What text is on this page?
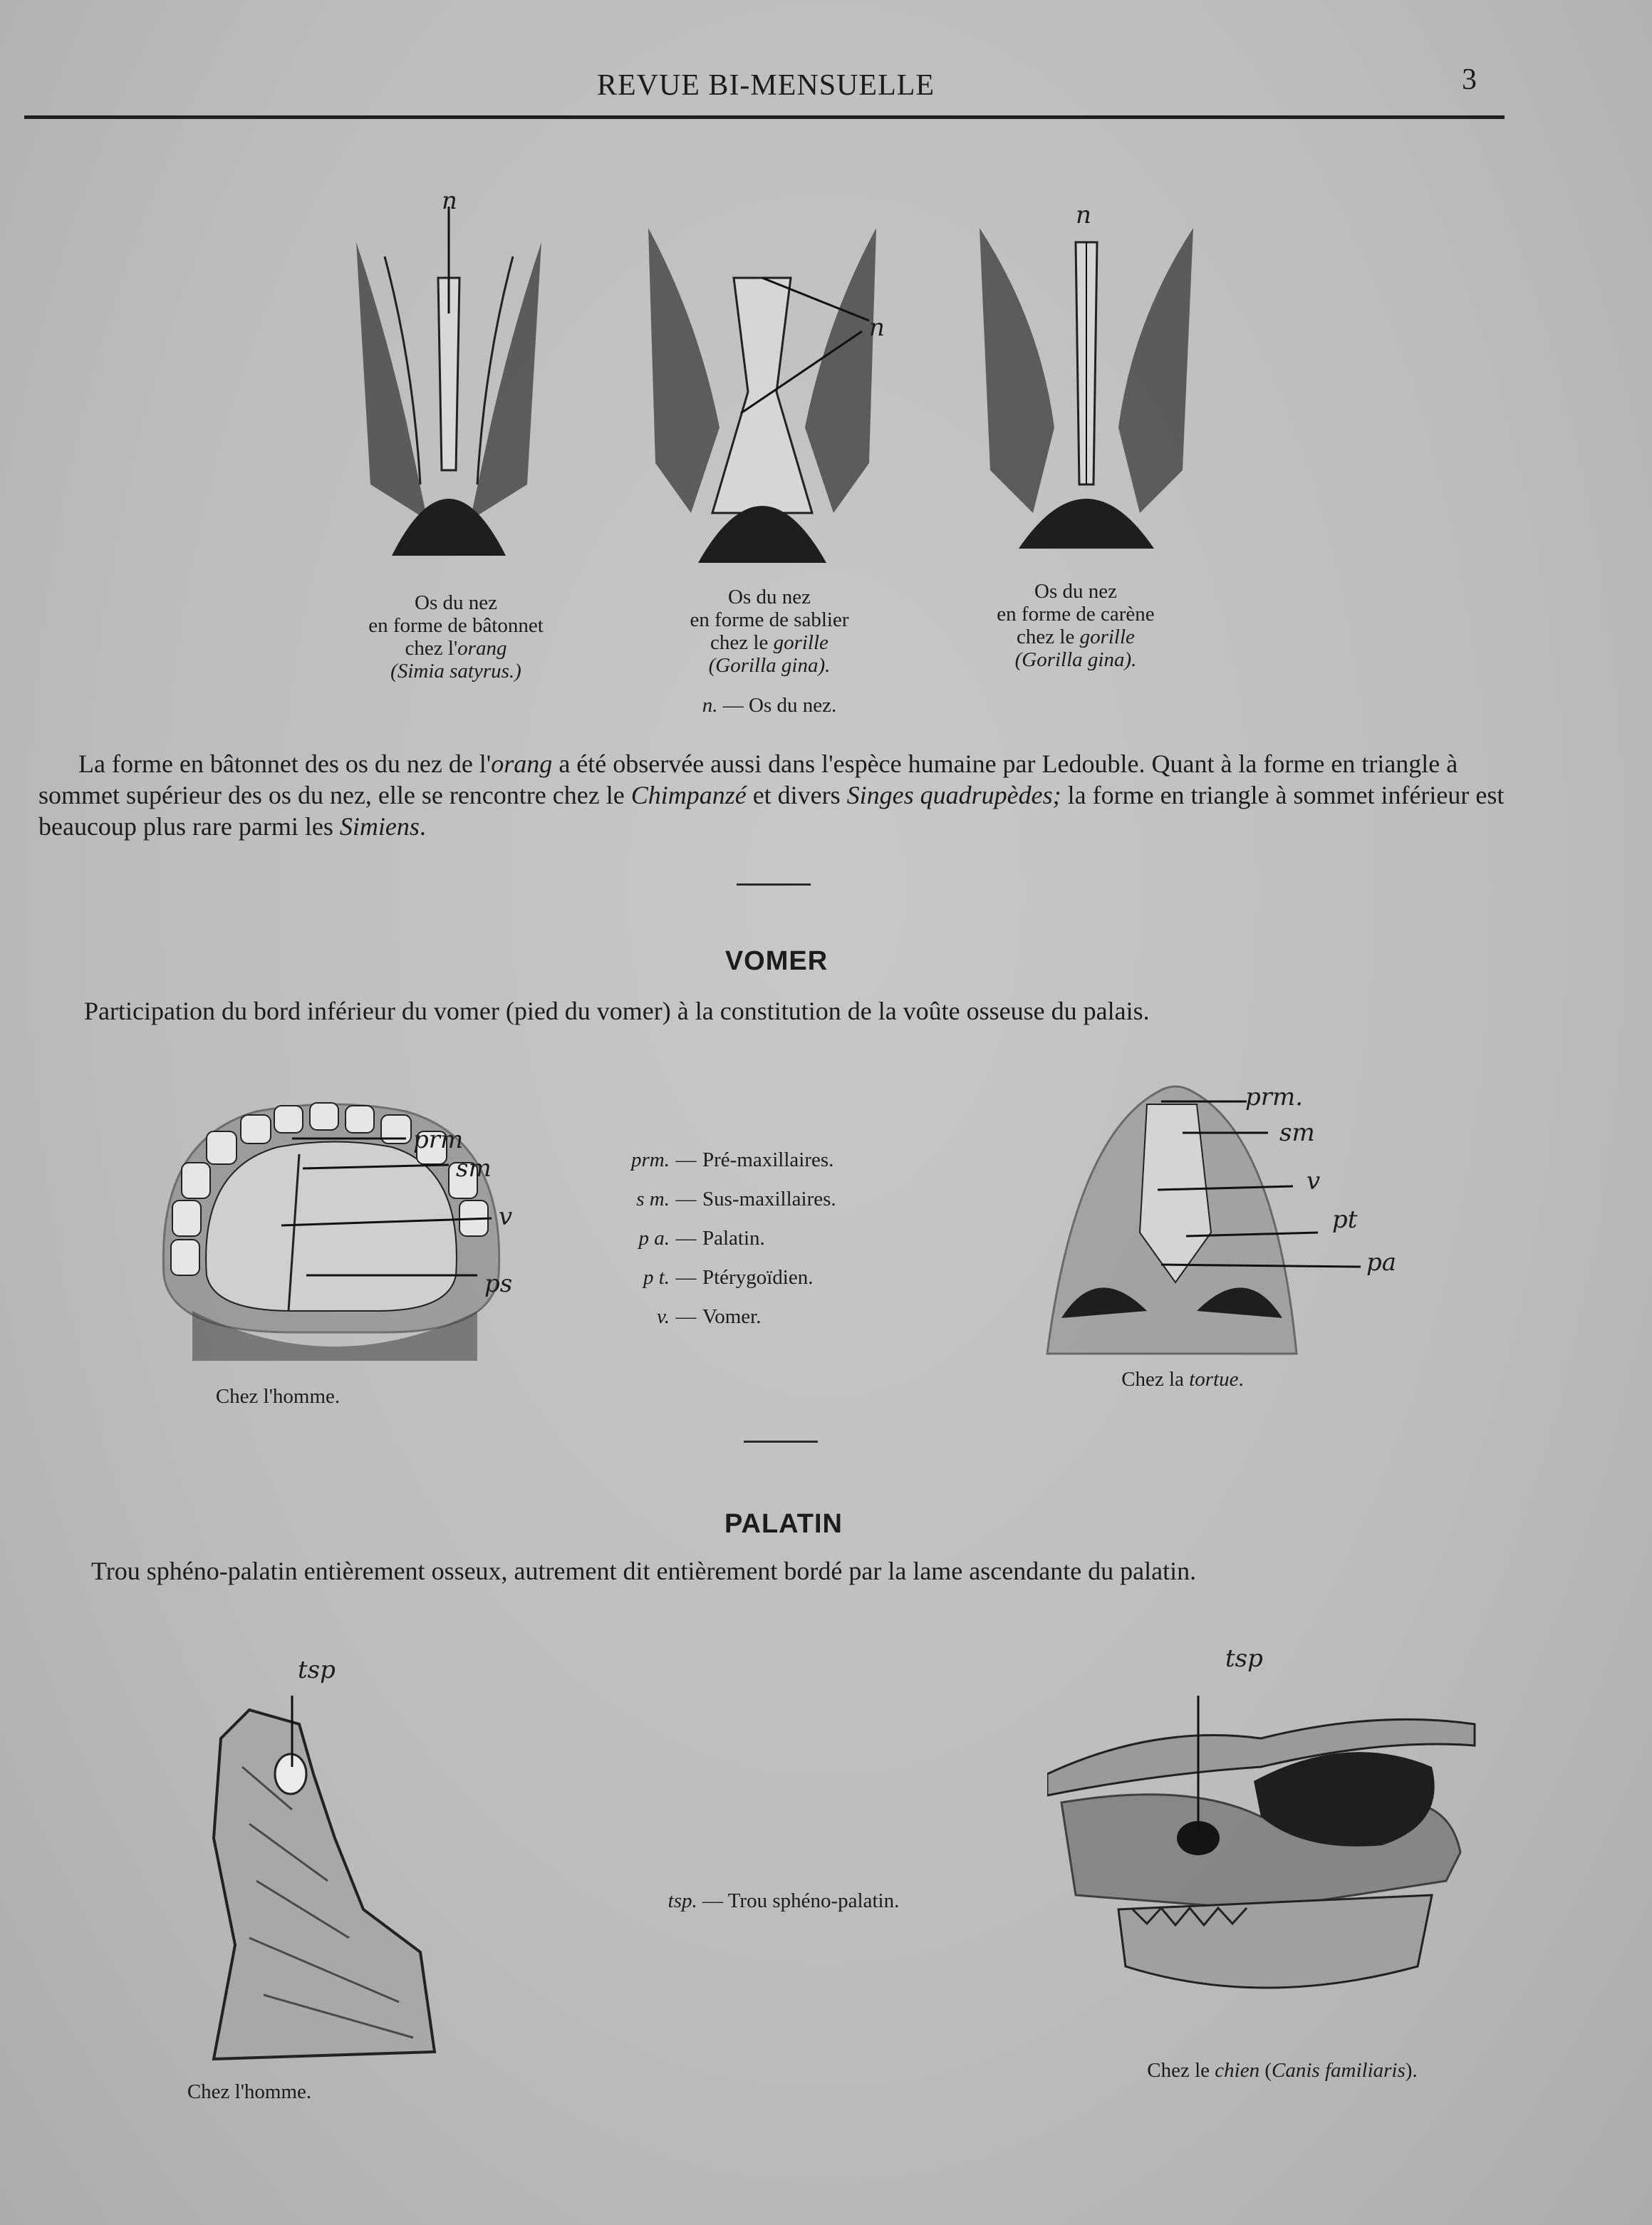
REVUE BI-MENSUELLE	3
n
n
n
Os du nez
en forme de bâtonnet
chez l'orang
(Simia satyrus.)
Os du nez
en forme de sablier
chez le gorille
(Gorilla gina).
Os du nez
en forme de carène
chez le gorille
(Gorilla gina).
n. — Os du nez.
La forme en bâtonnet des os du nez de l'orang a été observée aussi dans l'espèce humaine par Ledouble. Quant à la forme en triangle à sommet supérieur des os du nez, elle se rencontre chez le Chimpanzé et divers Singes quadrupèdes; la forme en triangle à sommet inférieur est beaucoup plus rare parmi les Simiens.
VOMER
Participation du bord inférieur du vomer (pied du vomer) à la constitution de la voûte osseuse du palais.
prm
sm
v
ps
Chez l'homme.
prm. — Pré-maxillaires.
s m. — Sus-maxillaires.
p a. — Palatin.
p t. — Ptérygoïdien.
v. — Vomer.
prm.
sm
v
pt
pa
Chez la tortue.
PALATIN
Trou sphéno-palatin entièrement osseux, autrement dit entièrement bordé par la lame ascendante du palatin.
tsp
Chez l'homme.
tsp. — Trou sphéno-palatin.
tsp
Chez le chien (Canis familiaris).
